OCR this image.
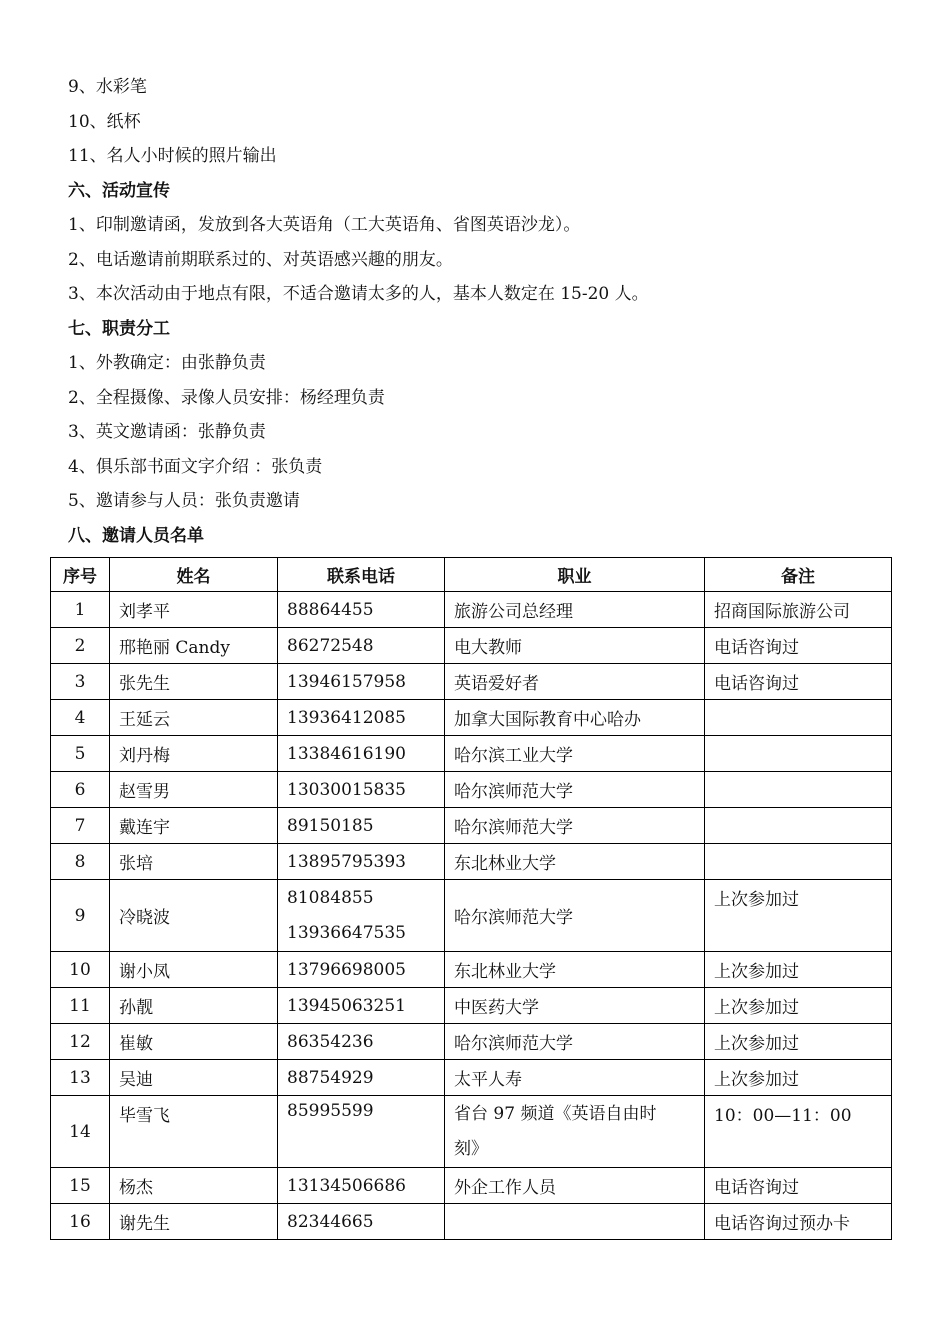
9、水彩笔
10、纸杯
11、名人小时候的照片输出
六、活动宣传
1、印制邀请函，发放到各大英语角（工大英语角、省图英语沙龙）。
2、电话邀请前期联系过的、对英语感兴趣的朋友。
3、本次活动由于地点有限，不适合邀请太多的人，基本人数定在 15-20 人。
七、职责分工
1、外教确定：由张静负责
2、全程摄像、录像人员安排：杨经理负责
3、英文邀请函：张静负责
4、俱乐部书面文字介绍 ：张负责
5、邀请参与人员：张负责邀请
八、邀请人员名单
序号	姓名	联系电话	职业	备注
1	刘孝平	88864455	旅游公司总经理	招商国际旅游公司
2	邢艳丽 Candy	86272548	电大教师	电话咨询过
3	张先生	13946157958	英语爱好者	电话咨询过
4	王延云	13936412085	加拿大国际教育中心哈办	
5	刘丹梅	13384616190	哈尔滨工业大学	
6	赵雪男	13030015835	哈尔滨师范大学	
7	戴连宇	89150185	哈尔滨师范大学	
8	张培	13895795393	东北林业大学	
9	冷晓波	81084855
13936647535	哈尔滨师范大学	上次参加过
10	谢小凤	13796698005	东北林业大学	上次参加过
11	孙靓	13945063251	中医药大学	上次参加过
12	崔敏	86354236	哈尔滨师范大学	上次参加过
13	吴迪	88754929	太平人寿	上次参加过
14	毕雪飞	85995599	省台 97 频道《英语自由时
刻》	10：00—11：00
15	杨杰	13134506686	外企工作人员	电话咨询过
16	谢先生	82344665		电话咨询过预办卡
